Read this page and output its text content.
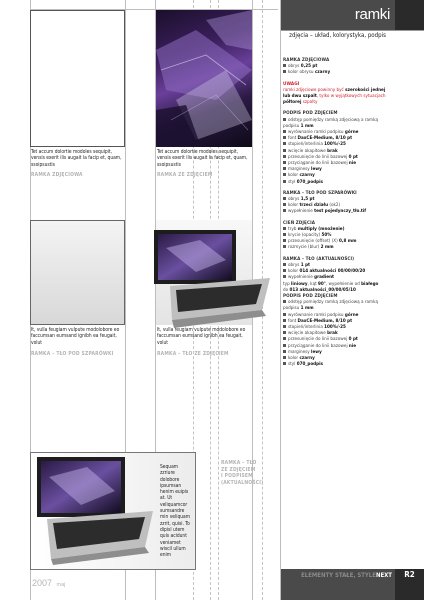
ramki
zdjęcia – układ, kolorystyka, podpis
Tet accum dolortie modoles sequipit, vensis exerit ilis augait la facip et, quam, ssoipsustis
RAMKA ZDJĘCIOWA
Tet accum dolortie modoles sequipit, vensis exerit ilis augait la facip et, quam, ssoipsustis
RAMKA ZE ZDJĘCIEM
It, vulla feugiam vulpute modolobore eo faccumsan eumsand ignibh ea feugait, volut
RAMKA – TŁO POD SZPARÓWKI
It, vulla feugiam vulpute modolobore eo faccumsan eumsand ignibh ea feugait, volut
RAMKA – TŁO ZE ZDJĘCIEM
Sequam zzriure dolobore ipsumsan henim euipis at. Ut veliquamcor sumsandre min veliquam zzrit, quisi. To dipisl utem quis acidunt veniamet wiscil ullum enim
RAMKA – TŁO
ZE ZDJĘCIEM
I PODPISEM
(AKTUALNOŚCI)
RAMKA ZDJĘCIOWA
obrys 0,25 pt
kolor obrysu czarny
UWAGI
ramki zdjęciowe powinny być szerokości jednej lub dwu szpalt, tylko w wyjątkowych sytuacjach półtorej szpalty
PODPIS POD ZDJĘCIEM
odstęp pomiędzy ramką zdjęciową a ramką podpisu 1 mm
wyrównanie ramki podpisu górne
font DaxCE-Medium, 8/10 pt
stopień/interlinia 100%/-25
wcięcie akapitowe brak
przesunięcie do linii bazowej 0 pt
przyciąganie do linii bazowej nie
marginesy lewy
kolor czarny
styl 070_podpis
RAMKA – TŁO POD SZPARÓWKI
obrys 1,5 pt
kolor trzeci działu (ok2)
wypełnienie test pojedynczy_tło.tif
CIEŃ ZDJĘCIA
tryb multiply (mnożenie)
krycie (opacity) 50%
przesunięcie (offset) (X) 0,8 mm
rozmycie (blur) 2 mm
RAMKA – TŁO (AKTUALNOŚCI)
obrys 1 pt
kolor 014 aktualności 00/00/00/20
wypełnienie gradient
typ liniowy, kąt 90°, wypełnienie od białego
do 013 aktualności_00/00/05/10
PODPIS POD ZDJĘCIEM
odstęp pomiędzy ramką zdjęciową a ramką podpisu 1 mm
wyrównanie ramki podpisu górne
font DaxCE-Medium, 8/10 pt
stopień/interlinia 100%/-25
wcięcie akapitowe brak
przesunięcie do linii bazowej 0 pt
przyciąganie do linii bazowej nie
marginesy lewy
kolor czarny
styl 070_podpis
2007 maj
ELEMENTY STAŁE, STYLENEXT	R2
